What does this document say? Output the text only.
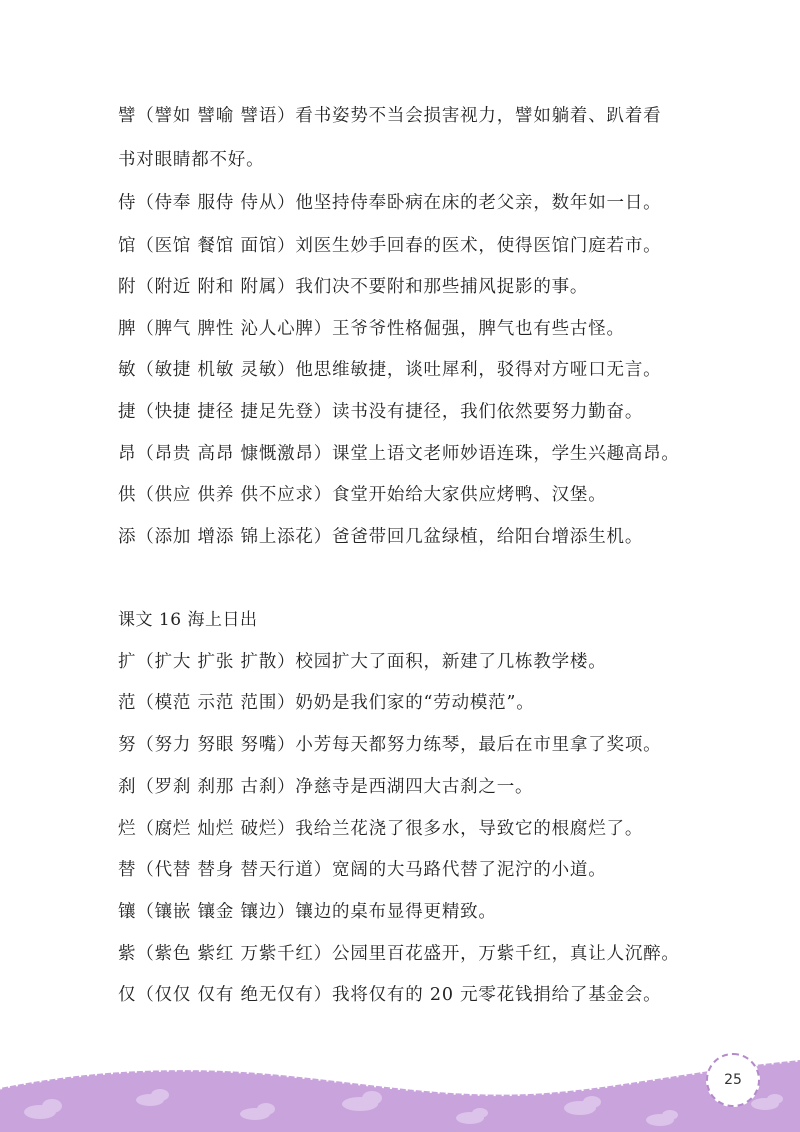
譬（譬如 譬喻 譬语）看书姿势不当会损害视力，譬如躺着、趴着看
书对眼睛都不好。
侍（侍奉 服侍 侍从）他坚持侍奉卧病在床的老父亲，数年如一日。
馆（医馆 餐馆 面馆）刘医生妙手回春的医术，使得医馆门庭若市。
附（附近 附和 附属）我们决不要附和那些捕风捉影的事。
脾（脾气 脾性 沁人心脾）王爷爷性格倔强，脾气也有些古怪。
敏（敏捷 机敏 灵敏）他思维敏捷，谈吐犀利，驳得对方哑口无言。
捷（快捷 捷径 捷足先登）读书没有捷径，我们依然要努力勤奋。
昂（昂贵 高昂 慷慨激昂）课堂上语文老师妙语连珠，学生兴趣高昂。
供（供应 供养 供不应求）食堂开始给大家供应烤鸭、汉堡。
添（添加 增添 锦上添花）爸爸带回几盆绿植，给阳台增添生机。
课文 16 海上日出
扩（扩大 扩张 扩散）校园扩大了面积，新建了几栋教学楼。
范（模范 示范 范围）奶奶是我们家的“劳动模范”。
努（努力 努眼 努嘴）小芳每天都努力练琴，最后在市里拿了奖项。
刹（罗刹 刹那 古刹）净慈寺是西湖四大古刹之一。
烂（腐烂 灿烂 破烂）我给兰花浇了很多水，导致它的根腐烂了。
替（代替 替身 替天行道）宽阔的大马路代替了泥泞的小道。
镶（镶嵌 镶金 镶边）镶边的桌布显得更精致。
紫（紫色 紫红 万紫千红）公园里百花盛开，万紫千红，真让人沉醉。
仅（仅仅 仅有 绝无仅有）我将仅有的 20 元零花钱捐给了基金会。
25
